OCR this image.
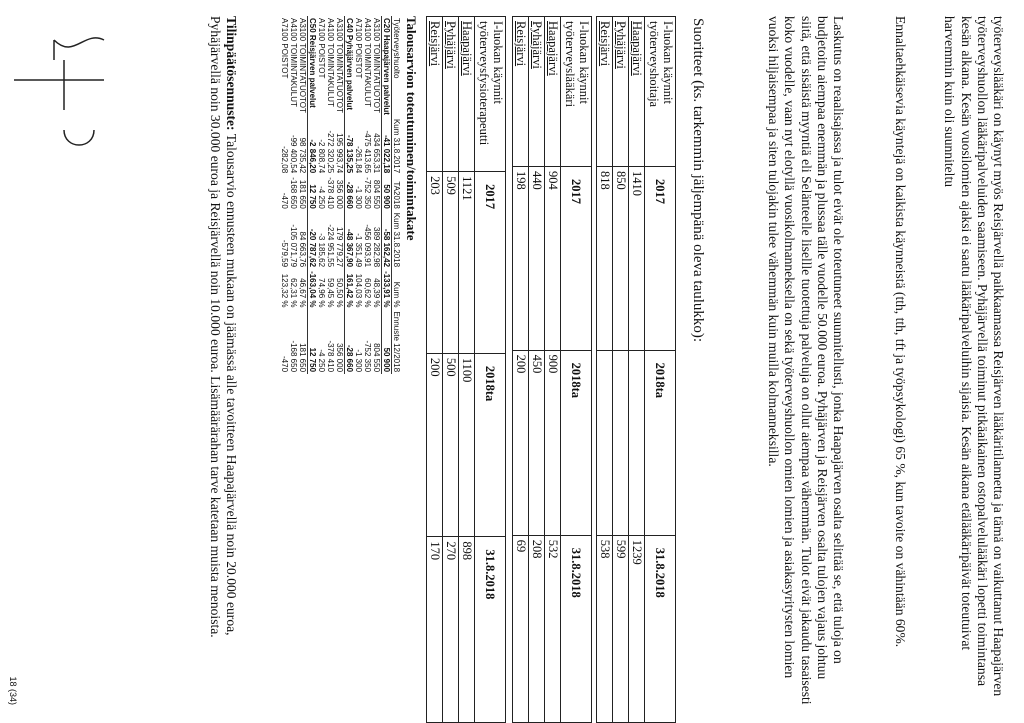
työterveyslääkäri on käynyt myös Reisjärvellä paikkaamassa Reisjärven lääkäritilannetta ja tämä on vaikuttanut Haapajärven työterveyshuollon lääkäripalveluiden saamiseen. Pyhäjärvellä toiminut pitkäaikainen ostopalvelulääkäri lopetti toimintansa kesän alkana. Kesän vuosilomien ajaksi ei saatu lääkäripalveluihin sijaisia. Kesän aikana etälääkäripäivät toteutuivat harvemmin kuin oli suunniteltu

Ennaltaehkäisevia käyntejä on kaikista käynneistä (tth, tth, tft ja työpsykologi) 65 %, kun tavoite on vähintään 60%.

Laskutus on reaalisajassa ja tulot eivät ole toteutuneet suunnitellusti, jonka Haapajärven osalta selittää se, että tuloja on budjetoitu aiempaa enemmän ja plussaa tälle vuodelle 50.000 euroa. Pyhäjärven ja Reisjärven osalta tulojen vajaus johtuu siitä, että sisäistä myyntiä eli Selänteelle lisellle tuotettuja palveluja on ollut aiempaa vähemmän. Tulot eivät jakaudu tasaisesti koko vuodelle, vaan nyt elotyllä vuosikolmanneksella on sekä työterveyshuollon omien lomien ja asiakasyritysten lomien vuoksi hiljaisempaa ja siten tulojakin tulee vähemmän kuin muilla kolmanneksilla.

Suoritteet (ks. tarkemmin jäljempänä oleva taulukko):
I-luokan käynnit työterveyshoitaja	2017	2018ta	31.8.2018
Haapajärvi	1410		1239
Pyhäjärvi	850		599
Reisjärvi	818		538
I-luokan käynnit työterveyslääkäri	2017	2018ta	31.8.2018
Haapajärvi	904	900	532
Pyhäjärvi	440	450	208
Reisjärvi	198	200	69
I-luokan käynnit työterveysfysioterapeutti	2017	2018ta	31.8.2018
Haapajärvi	1121	1100	898
Pyhäjärvi	509	500	270
Reisjärvi	203	200	170
Talousarvion toteutuminen/toimintakate
Työterveyshuolto	Kum 31.8.2017	TA2018	Kum 31.8.2018	Kum %	Ennuste 12/2018
C20 Haapajärven palvelut	-41 022,18	50 900	-58 162,42	-133,91 %	50 900
A3100 TOIMINTATUOTOT	434 653,31	804 550	389 282,98	48,39 %	804 550
A4100 TOIMINTAKULUT	-475 413,65	-752 350	-456 093,91	60,62 %	-752 350
A7100 POISTOT	-261,84	-1 300	-1 351,49	104,03 %	-1 300
C40 Pyhäjärven palvelut	-78 135,25	-28 660	-48 367,90	161,42 %	-28 660
A3100 TOIMINTATUOTOT	195 993,74	356 000	179 779,27	50,50 %	356 000
A4100 TOIMINTAKULUT	-272 320,25	-378 410	-224 951,55	59,45 %	-378 410
A7100 POISTOT	-2 808,74	-4 250	-3 185,62	74,96 %	-4 250
C50 Reisjärven palvelut	-2 846,20	12 750	-20 787,62	-163,04 %	12 750
A3100 TOIMINTATUOTOT	98 735,42	181 650	84 663,76	46,67 %	181 650
A4100 TOIMINTAKULUT	-99 400,54	-168 650	-105 071,79	62,31 %	-168 650
A7100 POISTOT	-282,08	-470	-579,59	123,32 %	-470
Tilinpäätösennuste: Talousarvio ennusteen mukaan on jäämässä alle tavoitteen Haapajärvellä noin 20.000 euroa, Pyhäjärvellä noin 30.000 euroa ja Reisjärvellä noin 10.000 euroa. Lisämäärärahan tarve katetaan muista menoista.
18 (34)
